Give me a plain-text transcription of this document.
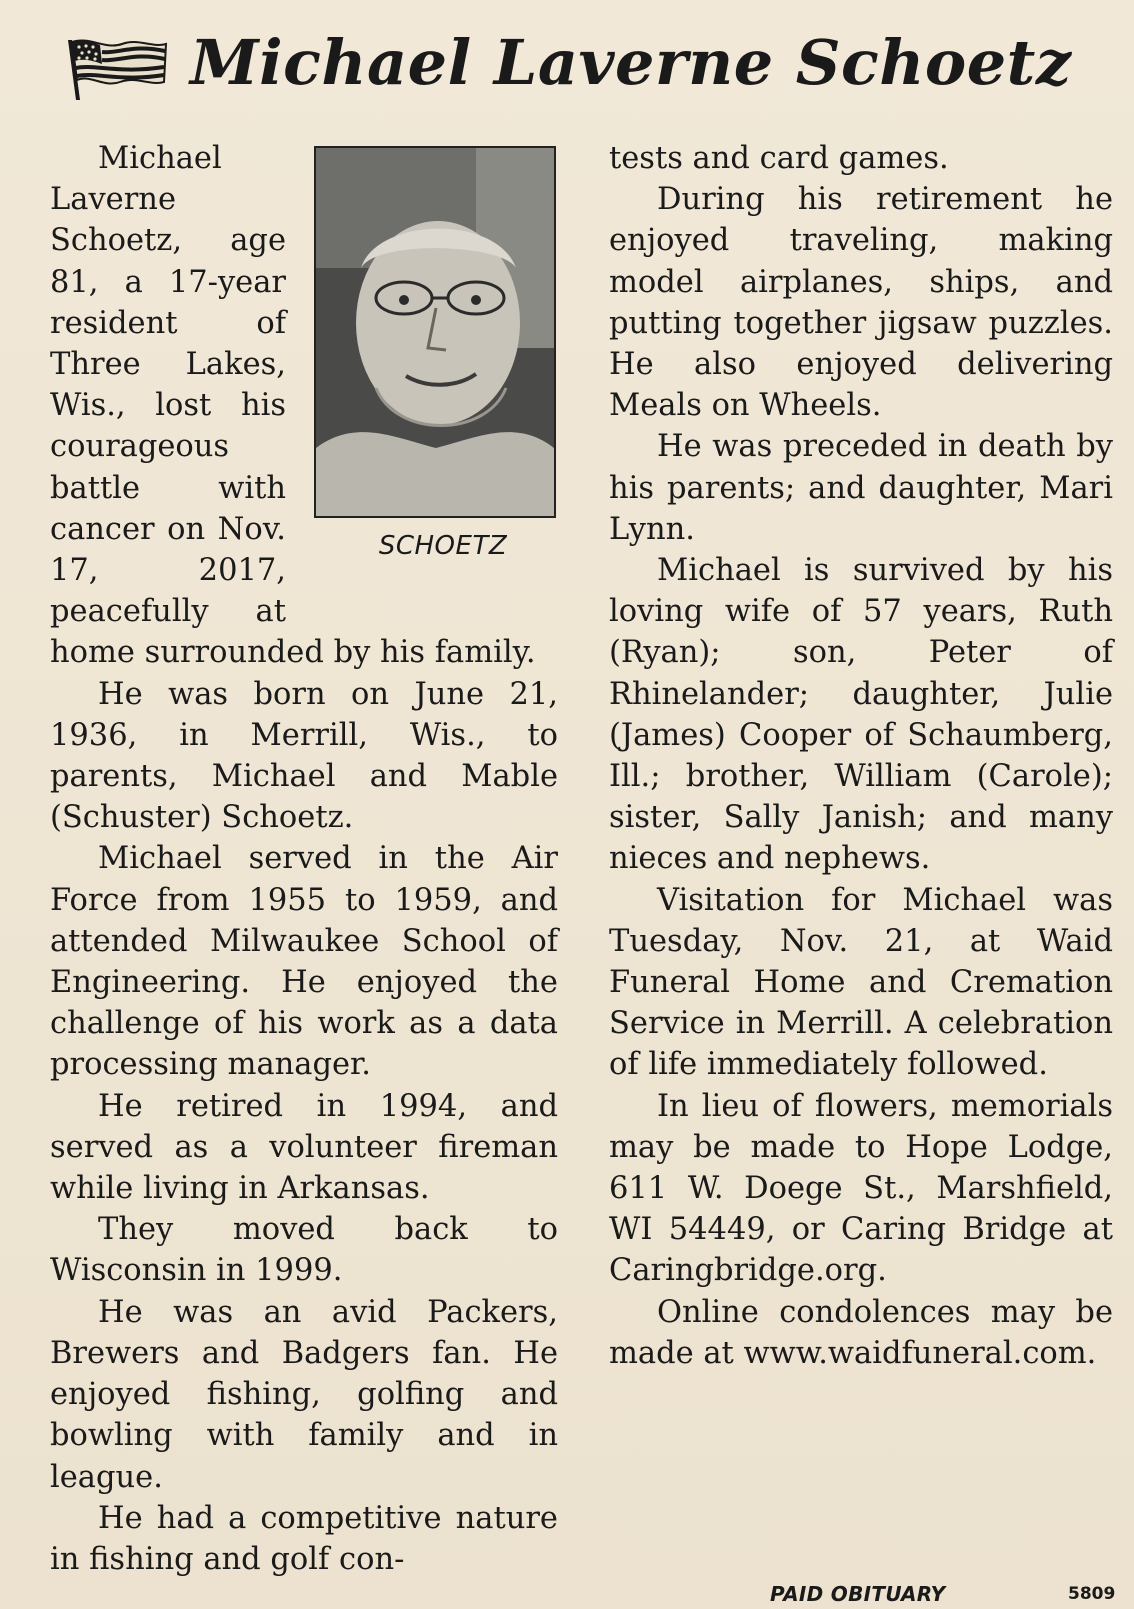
Michael Laverne Schoetz
SCHOETZ

Michael Laverne Schoetz, age 81, a 17-year resident of Three Lakes, Wis., lost his courageous battle with cancer on Nov. 17, 2017, peacefully at home surrounded by his family.

He was born on June 21, 1936, in Merrill, Wis., to parents, Michael and Mable (Schuster) Schoetz.

Michael served in the Air Force from 1955 to 1959, and attended Milwaukee School of Engineering. He enjoyed the challenge of his work as a data processing manager.

He retired in 1994, and served as a volunteer fireman while living in Arkansas.

They moved back to Wisconsin in 1999.

He was an avid Packers, Brewers and Badgers fan. He enjoyed fishing, golfing and bowling with family and in league.

He had a competitive nature in fishing and golf con-

tests and card games.

During his retirement he enjoyed traveling, making model airplanes, ships, and putting together jigsaw puzzles. He also enjoyed delivering Meals on Wheels.

He was preceded in death by his parents; and daughter, Mari Lynn.

Michael is survived by his loving wife of 57 years, Ruth (Ryan); son, Peter of Rhinelander; daughter, Julie (James) Cooper of Schaumberg, Ill.; brother, William (Carole); sister, Sally Janish; and many nieces and nephews.

Visitation for Michael was Tuesday, Nov. 21, at Waid Funeral Home and Cremation Service in Merrill. A celebration of life immediately followed.

In lieu of flowers, memorials may be made to Hope Lodge, 611 W. Doege St., Marshfield, WI 54449, or Caring Bridge at Caringbridge.org.

Online condolences may be made at www.waidfuneral.com.

PAID OBITUARY	5809
